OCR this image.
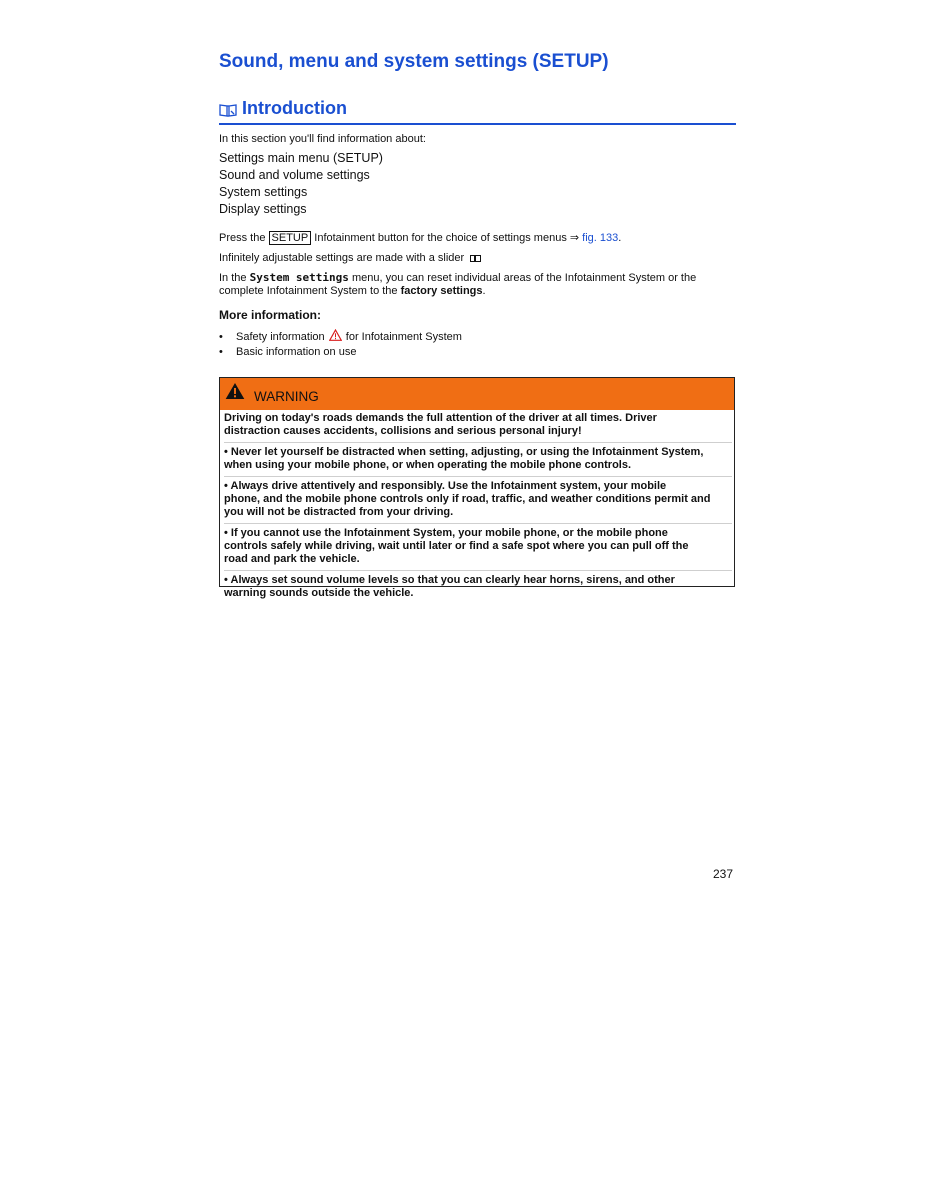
Sound, menu and system settings (SETUP)
Introduction
In this section you'll find information about:
Settings main menu (SETUP)
Sound and volume settings
System settings
Display settings
Press the SETUP Infotainment button for the choice of settings menus ⇒ fig. 133.
Infinitely adjustable settings are made with a slider
In the System settings menu, you can reset individual areas of the Infotainment System or the
complete Infotainment System to the factory settings.
More information:
• Safety information  for Infotainment System
• Basic information on use
WARNING

Driving on today's roads demands the full attention of the driver at all times. Driver

distraction causes accidents, collisions and serious personal injury!

• Never let yourself be distracted when setting, adjusting, or using the Infotainment System,

when using your mobile phone, or when operating the mobile phone controls.

• Always drive attentively and responsibly. Use the Infotainment system, your mobile

phone, and the mobile phone controls only if road, traffic, and weather conditions permit and

you will not be distracted from your driving.

• If you cannot use the Infotainment System, your mobile phone, or the mobile phone

controls safely while driving, wait until later or find a safe spot where you can pull off the

road and park the vehicle.

• Always set sound volume levels so that you can clearly hear horns, sirens, and other

warning sounds outside the vehicle.

237
